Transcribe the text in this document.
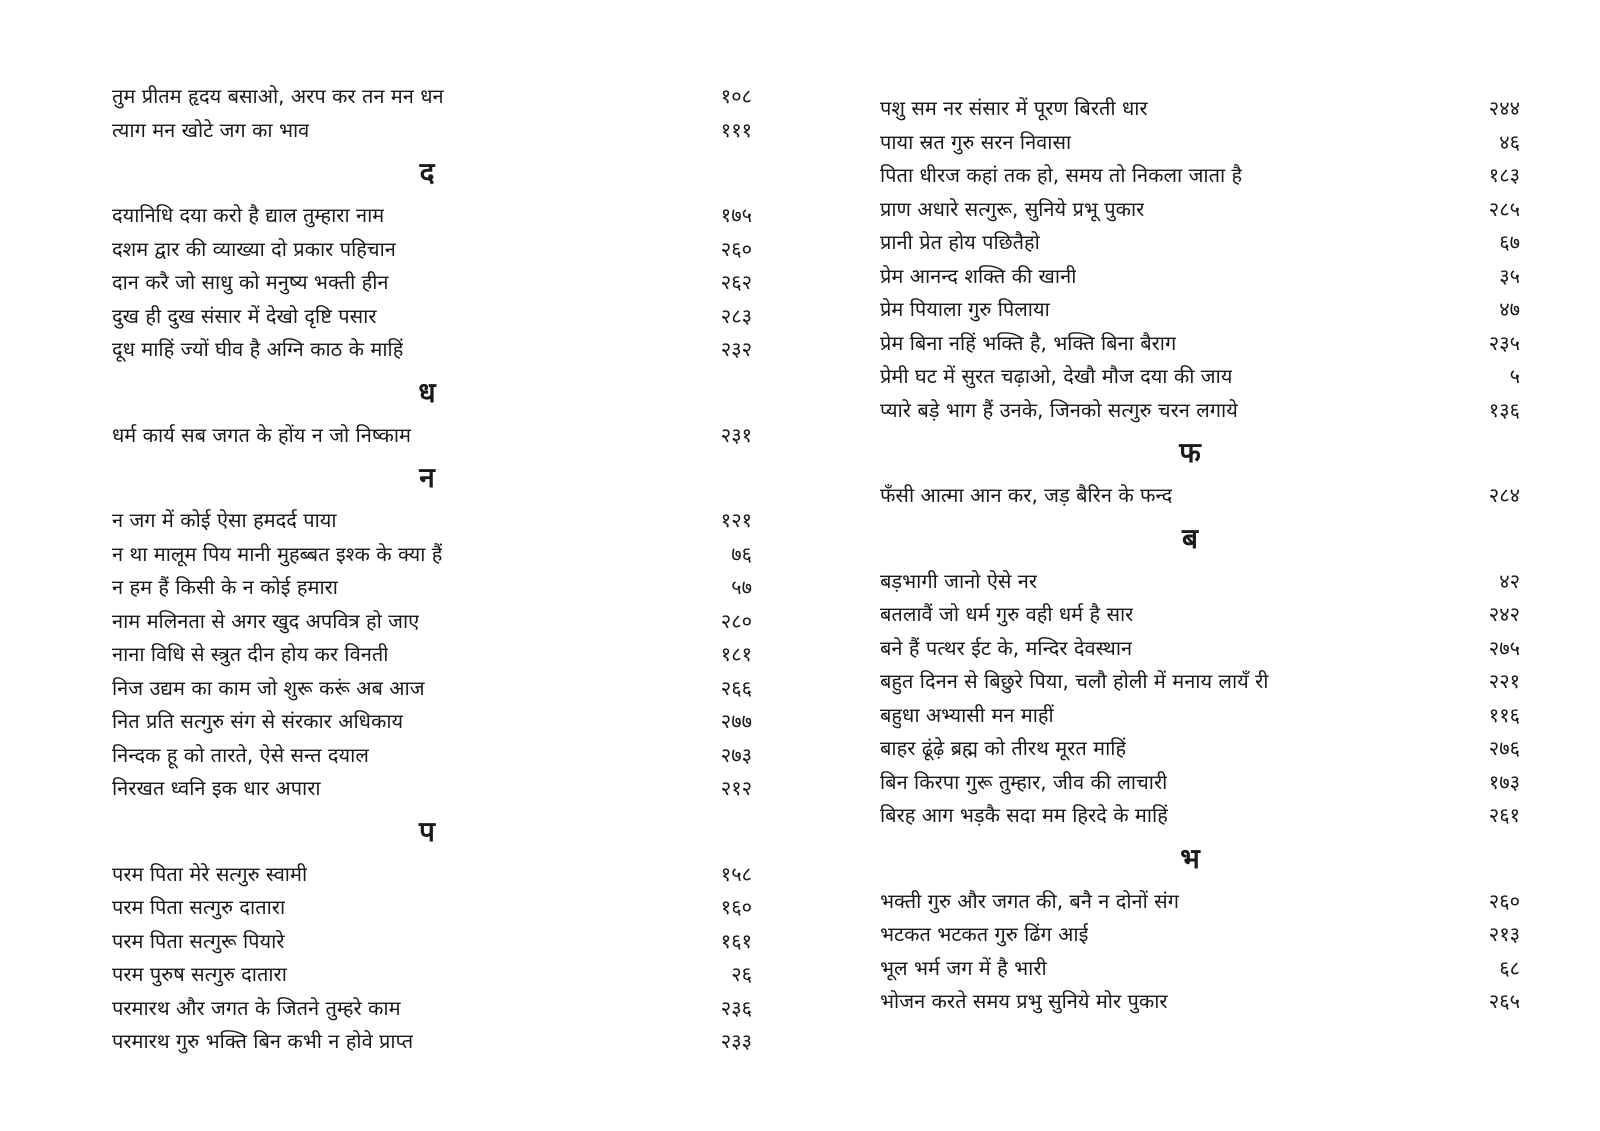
तुम प्रीतम हृदय बसाओ, अरप कर तन मन धन	१०८
त्याग मन खोटे जग का भाव	१११
द
दयानिधि दया करो है द्याल तुम्हारा नाम	१७५
दशम द्वार की व्याख्या दो प्रकार पहिचान	२६०
दान करै जो साधु को मनुष्य भक्ती हीन	२६२
दुख ही दुख संसार में देखो दृष्टि पसार	२८३
दूध माहिं ज्यों घीव है अग्नि काठ के माहिं	२३२
ध
धर्म कार्य सब जगत के होंय न जो निष्काम	२३१
न
न जग में कोई ऐसा हमदर्द पाया	१२१
न था मालूम पिय मानी मुहब्बत इश्क के क्या हैं	७६
न हम हैं किसी के न कोई हमारा	५७
नाम मलिनता से अगर खुद अपवित्र हो जाए	२८०
नाना विधि से स्त्रुत दीन होय कर विनती	१८१
निज उद्यम का काम जो शुरू करूं अब आज	२६६
नित प्रति सत्गुरु संग से संरकार अधिकाय	२७७
निन्दक हू को तारते, ऐसे सन्त दयाल	२७३
निरखत ध्वनि इक धार अपारा	२१२
प
परम पिता मेरे सत्गुरु स्वामी	१५८
परम पिता सत्गुरु दातारा	१६०
परम पिता सत्गुरू पियारे	१६१
परम पुरुष सत्गुरु दातारा	२६
परमारथ और जगत के जितने तुम्हरे काम	२३६
परमारथ गुरु भक्ति बिन कभी न होवे प्राप्त	२३३
पशु सम नर संसार में पूरण बिरती धार	२४४
पाया स्रत गुरु सरन निवासा	४६
पिता धीरज कहां तक हो, समय तो निकला जाता है	१८३
प्राण अधारे सत्गुरू, सुनिये प्रभू पुकार	२८५
प्रानी प्रेत होय पछितैहो	६७
प्रेम आनन्द शक्ति की खानी	३५
प्रेम पियाला गुरु पिलाया	४७
प्रेम बिना नहिं भक्ति है, भक्ति बिना बैराग	२३५
प्रेमी घट में सुरत चढ़ाओ, देखौ मौज दया की जाय	५
प्यारे बड़े भाग हैं उनके, जिनको सत्गुरु चरन लगाये	१३६
फ
फँसी आत्मा आन कर, जड़ बैरिन के फन्द	२८४
ब
बड़भागी जानो ऐसे नर	४२
बतलावैं जो धर्म गुरु वही धर्म है सार	२४२
बने हैं पत्थर ईट के, मन्दिर देवस्थान	२७५
बहुत दिनन से बिछुरे पिया, चलौ होली में मनाय लायँ री	२२१
बहुधा अभ्यासी मन माहीं	११६
बाहर ढूंढ़े ब्रह्म को तीरथ मूरत माहिं	२७६
बिन किरपा गुरू तुम्हार, जीव की लाचारी	१७३
बिरह आग भड़कै सदा मम हिरदे के माहिं	२६१
भ
भक्ती गुरु और जगत की, बनै न दोनों संग	२६०
भटकत भटकत गुरु ढिंग आई	२१३
भूल भर्म जग में है भारी	६८
भोजन करते समय प्रभु सुनिये मोर पुकार	२६५
